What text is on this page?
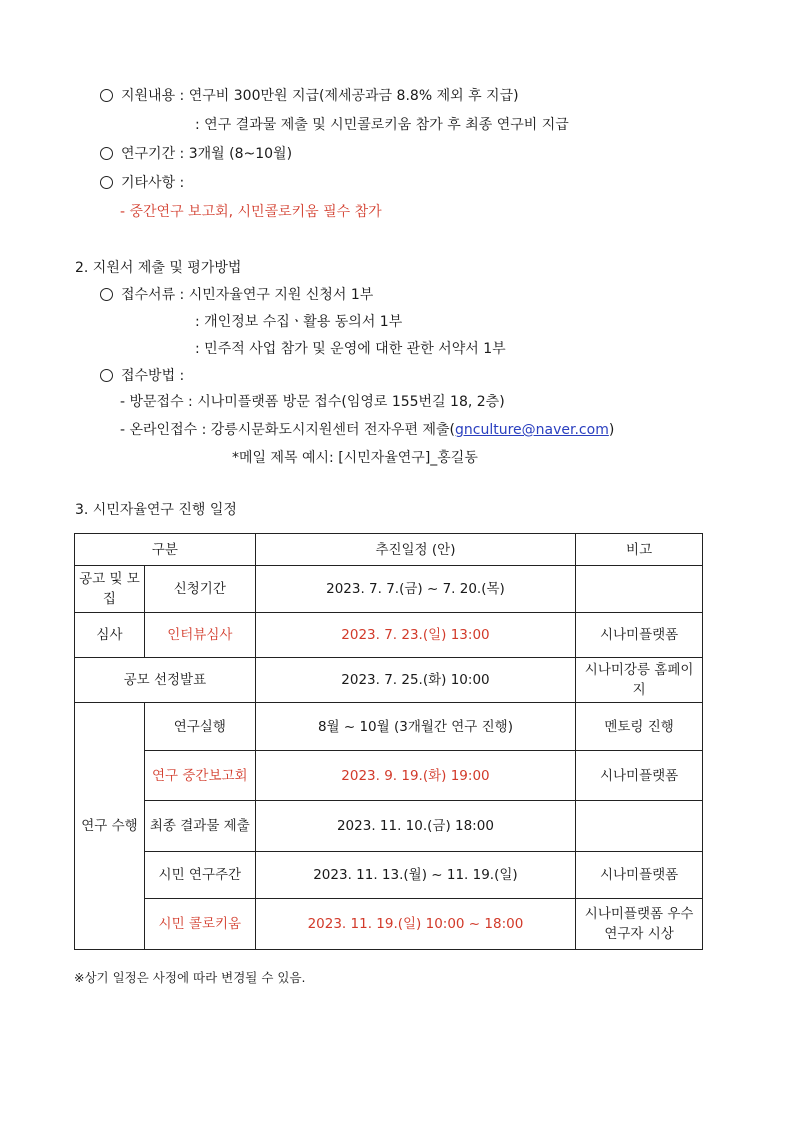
지원내용 : 연구비 300만원 지급(제세공과금 8.8% 제외 후 지급)
: 연구 결과물 제출 및 시민콜로키움 참가 후 최종 연구비 지급
연구기간 : 3개월 (8~10월)
기타사항 :
- 중간연구 보고회, 시민콜로키움 필수 참가
2. 지원서 제출 및 평가방법
접수서류 : 시민자율연구 지원 신청서 1부
: 개인정보 수집ㆍ활용 동의서 1부
: 민주적 사업 참가 및 운영에 대한 관한 서약서 1부
접수방법 :
- 방문접수 : 시나미플랫폼 방문 접수(임영로 155번길 18, 2층)
- 온라인접수 : 강릉시문화도시지원센터 전자우편 제출(gnculture@naver.com)
*메일 제목 예시: [시민자율연구]_홍길동
3. 시민자율연구 진행 일정
구분		추진일정 (안)	비고
공고 및 모집	신청기간	2023. 7. 7.(금) ~ 7. 20.(목)	
심사	인터뷰심사	2023. 7. 23.(일) 13:00	시나미플랫폼
공모 선정발표		2023. 7. 25.(화) 10:00	시나미강릉 홈페이지
연구 수행	연구실행	8월 ~ 10월 (3개월간 연구 진행)	멘토링 진행
	연구 중간보고회	2023. 9. 19.(화) 19:00	시나미플랫폼
	최종 결과물 제출	2023. 11. 10.(금) 18:00	
	시민 연구주간	2023. 11. 13.(월) ~ 11. 19.(일)	시나미플랫폼
	시민 콜로키움	2023. 11. 19.(일) 10:00 ~ 18:00	시나미플랫폼 우수연구자 시상
※상기 일정은 사정에 따라 변경될 수 있음.
